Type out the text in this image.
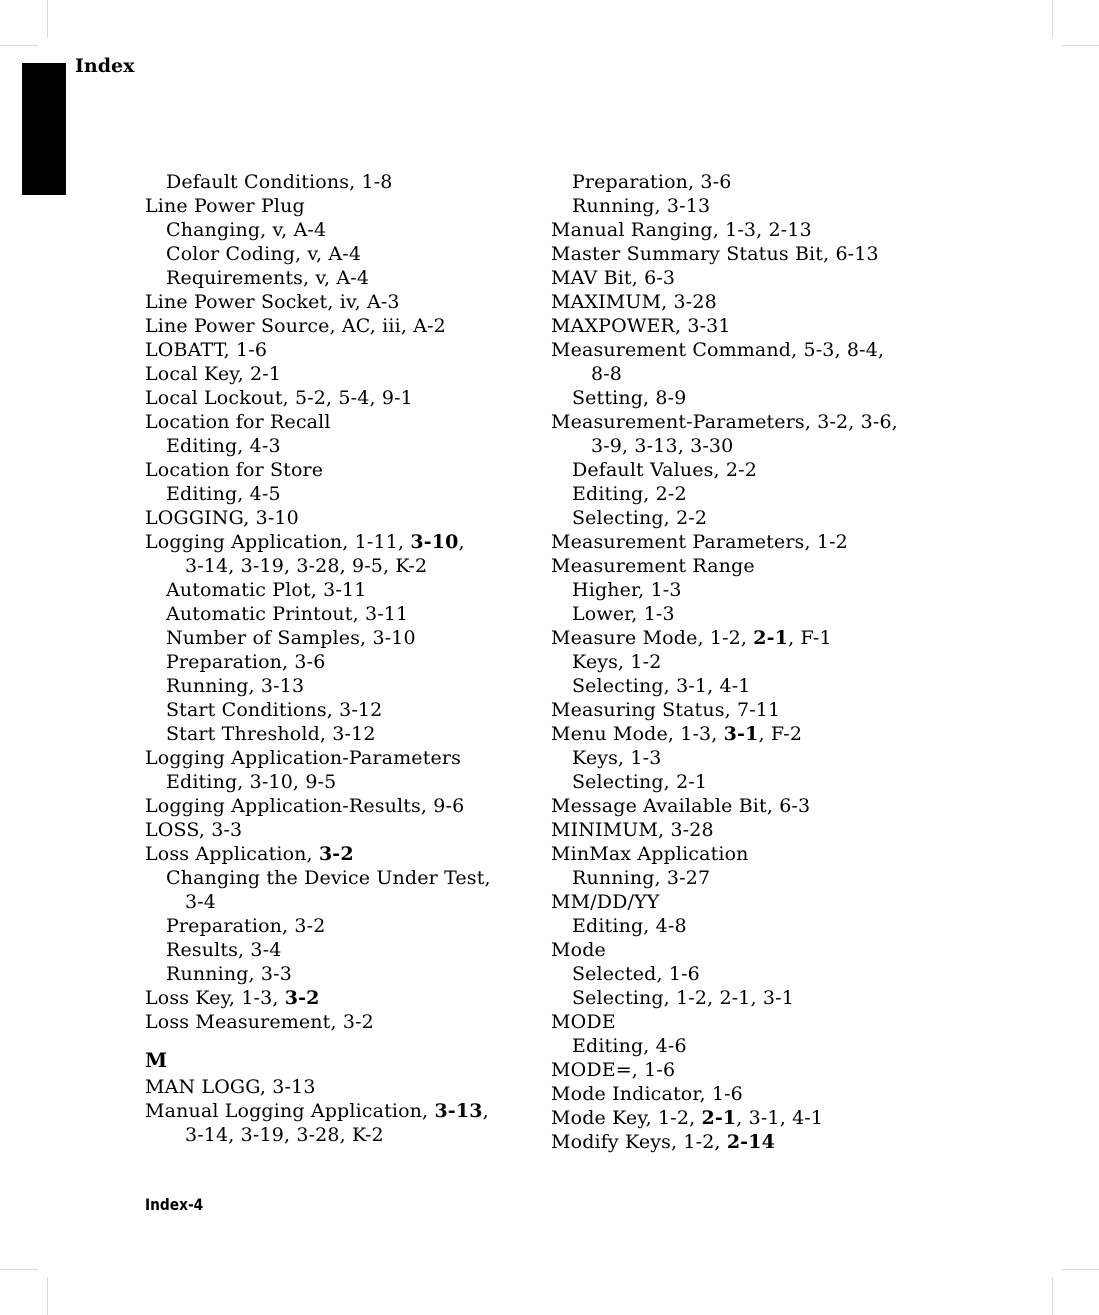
Index
Default Conditions, 1-8
Line Power Plug
Changing, v, A-4
Color Coding, v, A-4
Requirements, v, A-4
Line Power Socket, iv, A-3
Line Power Source, AC, iii, A-2
LOBATT, 1-6
Local Key, 2-1
Local Lockout, 5-2, 5-4, 9-1
Location for Recall
Editing, 4-3
Location for Store
Editing, 4-5
LOGGING, 3-10
Logging Application, 1-11, 3-10,
3-14, 3-19, 3-28, 9-5, K-2
Automatic Plot, 3-11
Automatic Printout, 3-11
Number of Samples, 3-10
Preparation, 3-6
Running, 3-13
Start Conditions, 3-12
Start Threshold, 3-12
Logging Application-Parameters
Editing, 3-10, 9-5
Logging Application-Results, 9-6
LOSS, 3-3
Loss Application, 3-2
Changing the Device Under Test,
3-4
Preparation, 3-2
Results, 3-4
Running, 3-3
Loss Key, 1-3, 3-2
Loss Measurement, 3-2
M
MAN LOGG, 3-13
Manual Logging Application, 3-13,
3-14, 3-19, 3-28, K-2
Preparation, 3-6
Running, 3-13
Manual Ranging, 1-3, 2-13
Master Summary Status Bit, 6-13
MAV Bit, 6-3
MAXIMUM, 3-28
MAXPOWER, 3-31
Measurement Command, 5-3, 8-4,
8-8
Setting, 8-9
Measurement-Parameters, 3-2, 3-6,
3-9, 3-13, 3-30
Default Values, 2-2
Editing, 2-2
Selecting, 2-2
Measurement Parameters, 1-2
Measurement Range
Higher, 1-3
Lower, 1-3
Measure Mode, 1-2, 2-1, F-1
Keys, 1-2
Selecting, 3-1, 4-1
Measuring Status, 7-11
Menu Mode, 1-3, 3-1, F-2
Keys, 1-3
Selecting, 2-1
Message Available Bit, 6-3
MINIMUM, 3-28
MinMax Application
Running, 3-27
MM/DD/YY
Editing, 4-8
Mode
Selected, 1-6
Selecting, 1-2, 2-1, 3-1
MODE
Editing, 4-6
MODE=, 1-6
Mode Indicator, 1-6
Mode Key, 1-2, 2-1, 3-1, 4-1
Modify Keys, 1-2, 2-14
Index-4
